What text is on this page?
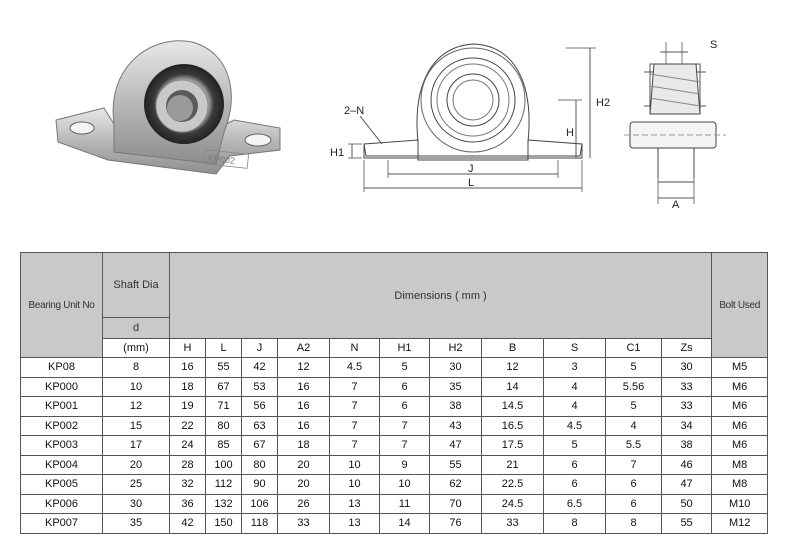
KP002
2–N
H2
H
H1
J
L
S
A
Bearing Unit No	Shaft Dia	Dimensions ( mm )											Bolt Used
	d												
	(mm)	H	L	J	A2	N	H1	H2	B	S	C1	Zs	
KP08	8	16	55	42	12	4.5	5	30	12	3	5	30	M5
KP000	10	18	67	53	16	7	6	35	14	4	5.56	33	M6
KP001	12	19	71	56	16	7	6	38	14.5	4	5	33	M6
KP002	15	22	80	63	16	7	7	43	16.5	4.5	4	34	M6
KP003	17	24	85	67	18	7	7	47	17.5	5	5.5	38	M6
KP004	20	28	100	80	20	10	9	55	21	6	7	46	M8
KP005	25	32	112	90	20	10	10	62	22.5	6	6	47	M8
KP006	30	36	132	106	26	13	11	70	24.5	6.5	6	50	M10
KP007	35	42	150	118	33	13	14	76	33	8	8	55	M12
